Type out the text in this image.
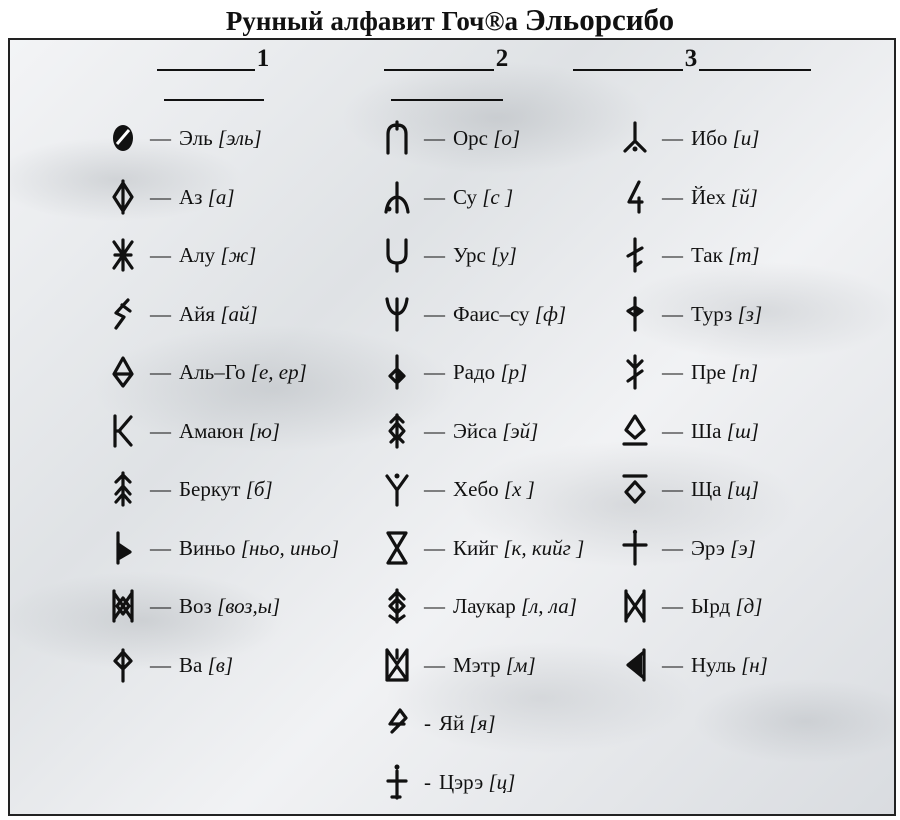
Рунный алфавит Гоч®а Эльорсибо
1
— Эль
[эль]
— Аз
[а]
— Алу
[ж]
— Айя
[ай]
— Аль–Го
[е, ер]
— Амаюн
[ю]
— Беркут
[б]
— Виньо
[ньо, иньо]
— Воз
[воз,ы]
— Ва
[в]
2
— Орс
[о]
— Су
[с ]
— Урс
[у]
— Фаис–су
[ф]
— Радо
[р]
— Эйса
[эй]
— Хебо
[х ]
— Кийг
[к, кийг ]
— Лаукар
[л, ла]
— Мэтр
[м]
- Яй
[я]
- Цэрэ
[ц]
3
— Ибо
[и]
— Йех
[й]
— Так
[т]
— Турз
[з]
— Пре
[п]
— Ша
[ш]
— Ща
[щ]
— Эрэ
[э]
— Ырд
[д]
— Нуль
[н]
